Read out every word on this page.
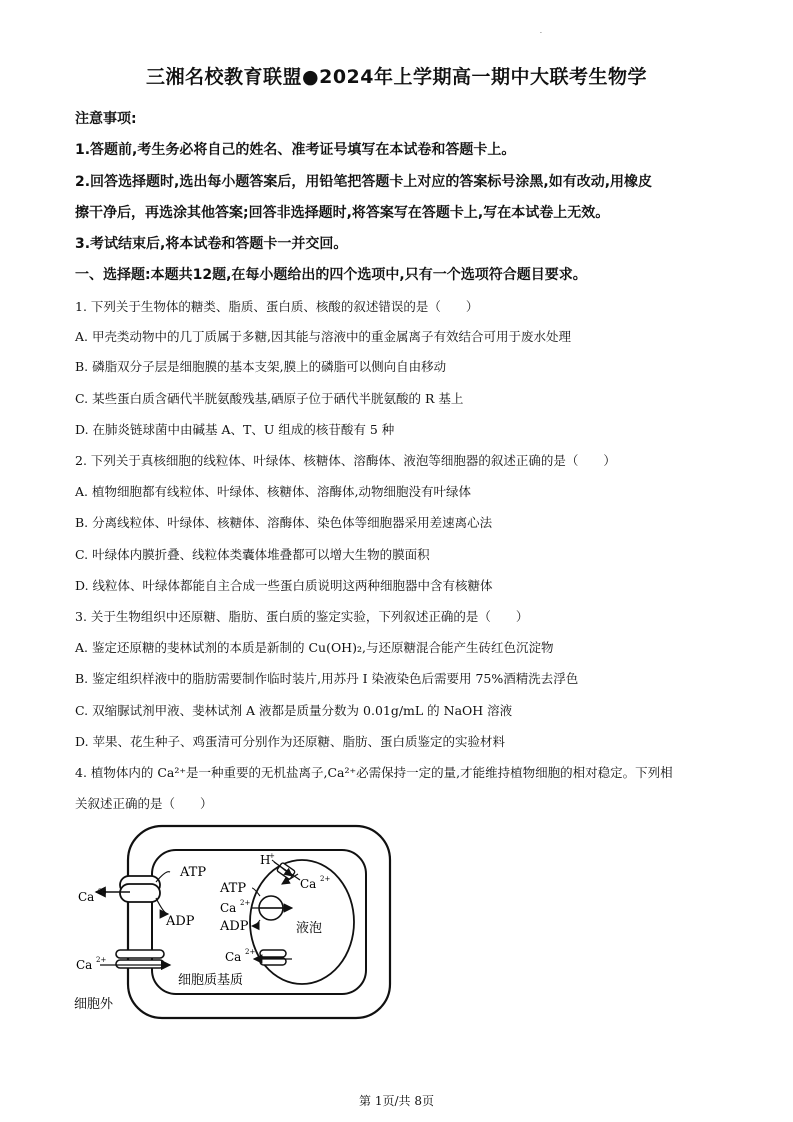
·
三湘名校教育联盟●2024年上学期高一期中大联考生物学
注意事项:
1.答题前,考生务必将自己的姓名、准考证号填写在本试卷和答题卡上。
2.回答选择题时,选出每小题答案后，用铅笔把答题卡上对应的答案标号涂黑,如有改动,用橡皮
擦干净后，再选涂其他答案;回答非选择题时,将答案写在答题卡上,写在本试卷上无效。
3.考试结束后,将本试卷和答题卡一并交回。
一、选择题:本题共12题,在每小题给出的四个选项中,只有一个选项符合题目要求。
1. 下列关于生物体的糖类、脂质、蛋白质、核酸的叙述错误的是（　　）
A. 甲壳类动物中的几丁质属于多糖,因其能与溶液中的重金属离子有效结合可用于废水处理
B. 磷脂双分子层是细胞膜的基本支架,膜上的磷脂可以侧向自由移动
C. 某些蛋白质含硒代半胱氨酸残基,硒原子位于硒代半胱氨酸的 R 基上
D. 在肺炎链球菌中由碱基 A、T、U 组成的核苷酸有 5 种
2. 下列关于真核细胞的线粒体、叶绿体、核糖体、溶酶体、液泡等细胞器的叙述正确的是（　　）
A. 植物细胞都有线粒体、叶绿体、核糖体、溶酶体,动物细胞没有叶绿体
B. 分离线粒体、叶绿体、核糖体、溶酶体、染色体等细胞器采用差速离心法
C. 叶绿体内膜折叠、线粒体类囊体堆叠都可以增大生物的膜面积
D. 线粒体、叶绿体都能自主合成一些蛋白质说明这两种细胞器中含有核糖体
3. 关于生物组织中还原糖、脂肪、蛋白质的鉴定实验，下列叙述正确的是（　　）
A. 鉴定还原糖的斐林试剂的本质是新制的 Cu(OH)₂,与还原糖混合能产生砖红色沉淀物
B. 鉴定组织样液中的脂肪需要制作临时装片,用苏丹 I 染液染色后需要用 75%酒精洗去浮色
C. 双缩脲试剂甲液、斐林试剂 A 液都是质量分数为 0.01g/mL 的 NaOH 溶液
D. 苹果、花生种子、鸡蛋清可分别作为还原糖、脂肪、蛋白质鉴定的实验材料
4. 植物体内的 Ca²⁺是一种重要的无机盐离子,Ca²⁺必需保持一定的量,才能维持植物细胞的相对稳定。下列相
关叙述正确的是（　　）
ATP
ADP
Ca 2+
Ca 2+
ATP
Ca 2+
ADP
Ca 2+
H
+
Ca 2+
液泡
细胞质基质
细胞外
第 1页/共 8页
